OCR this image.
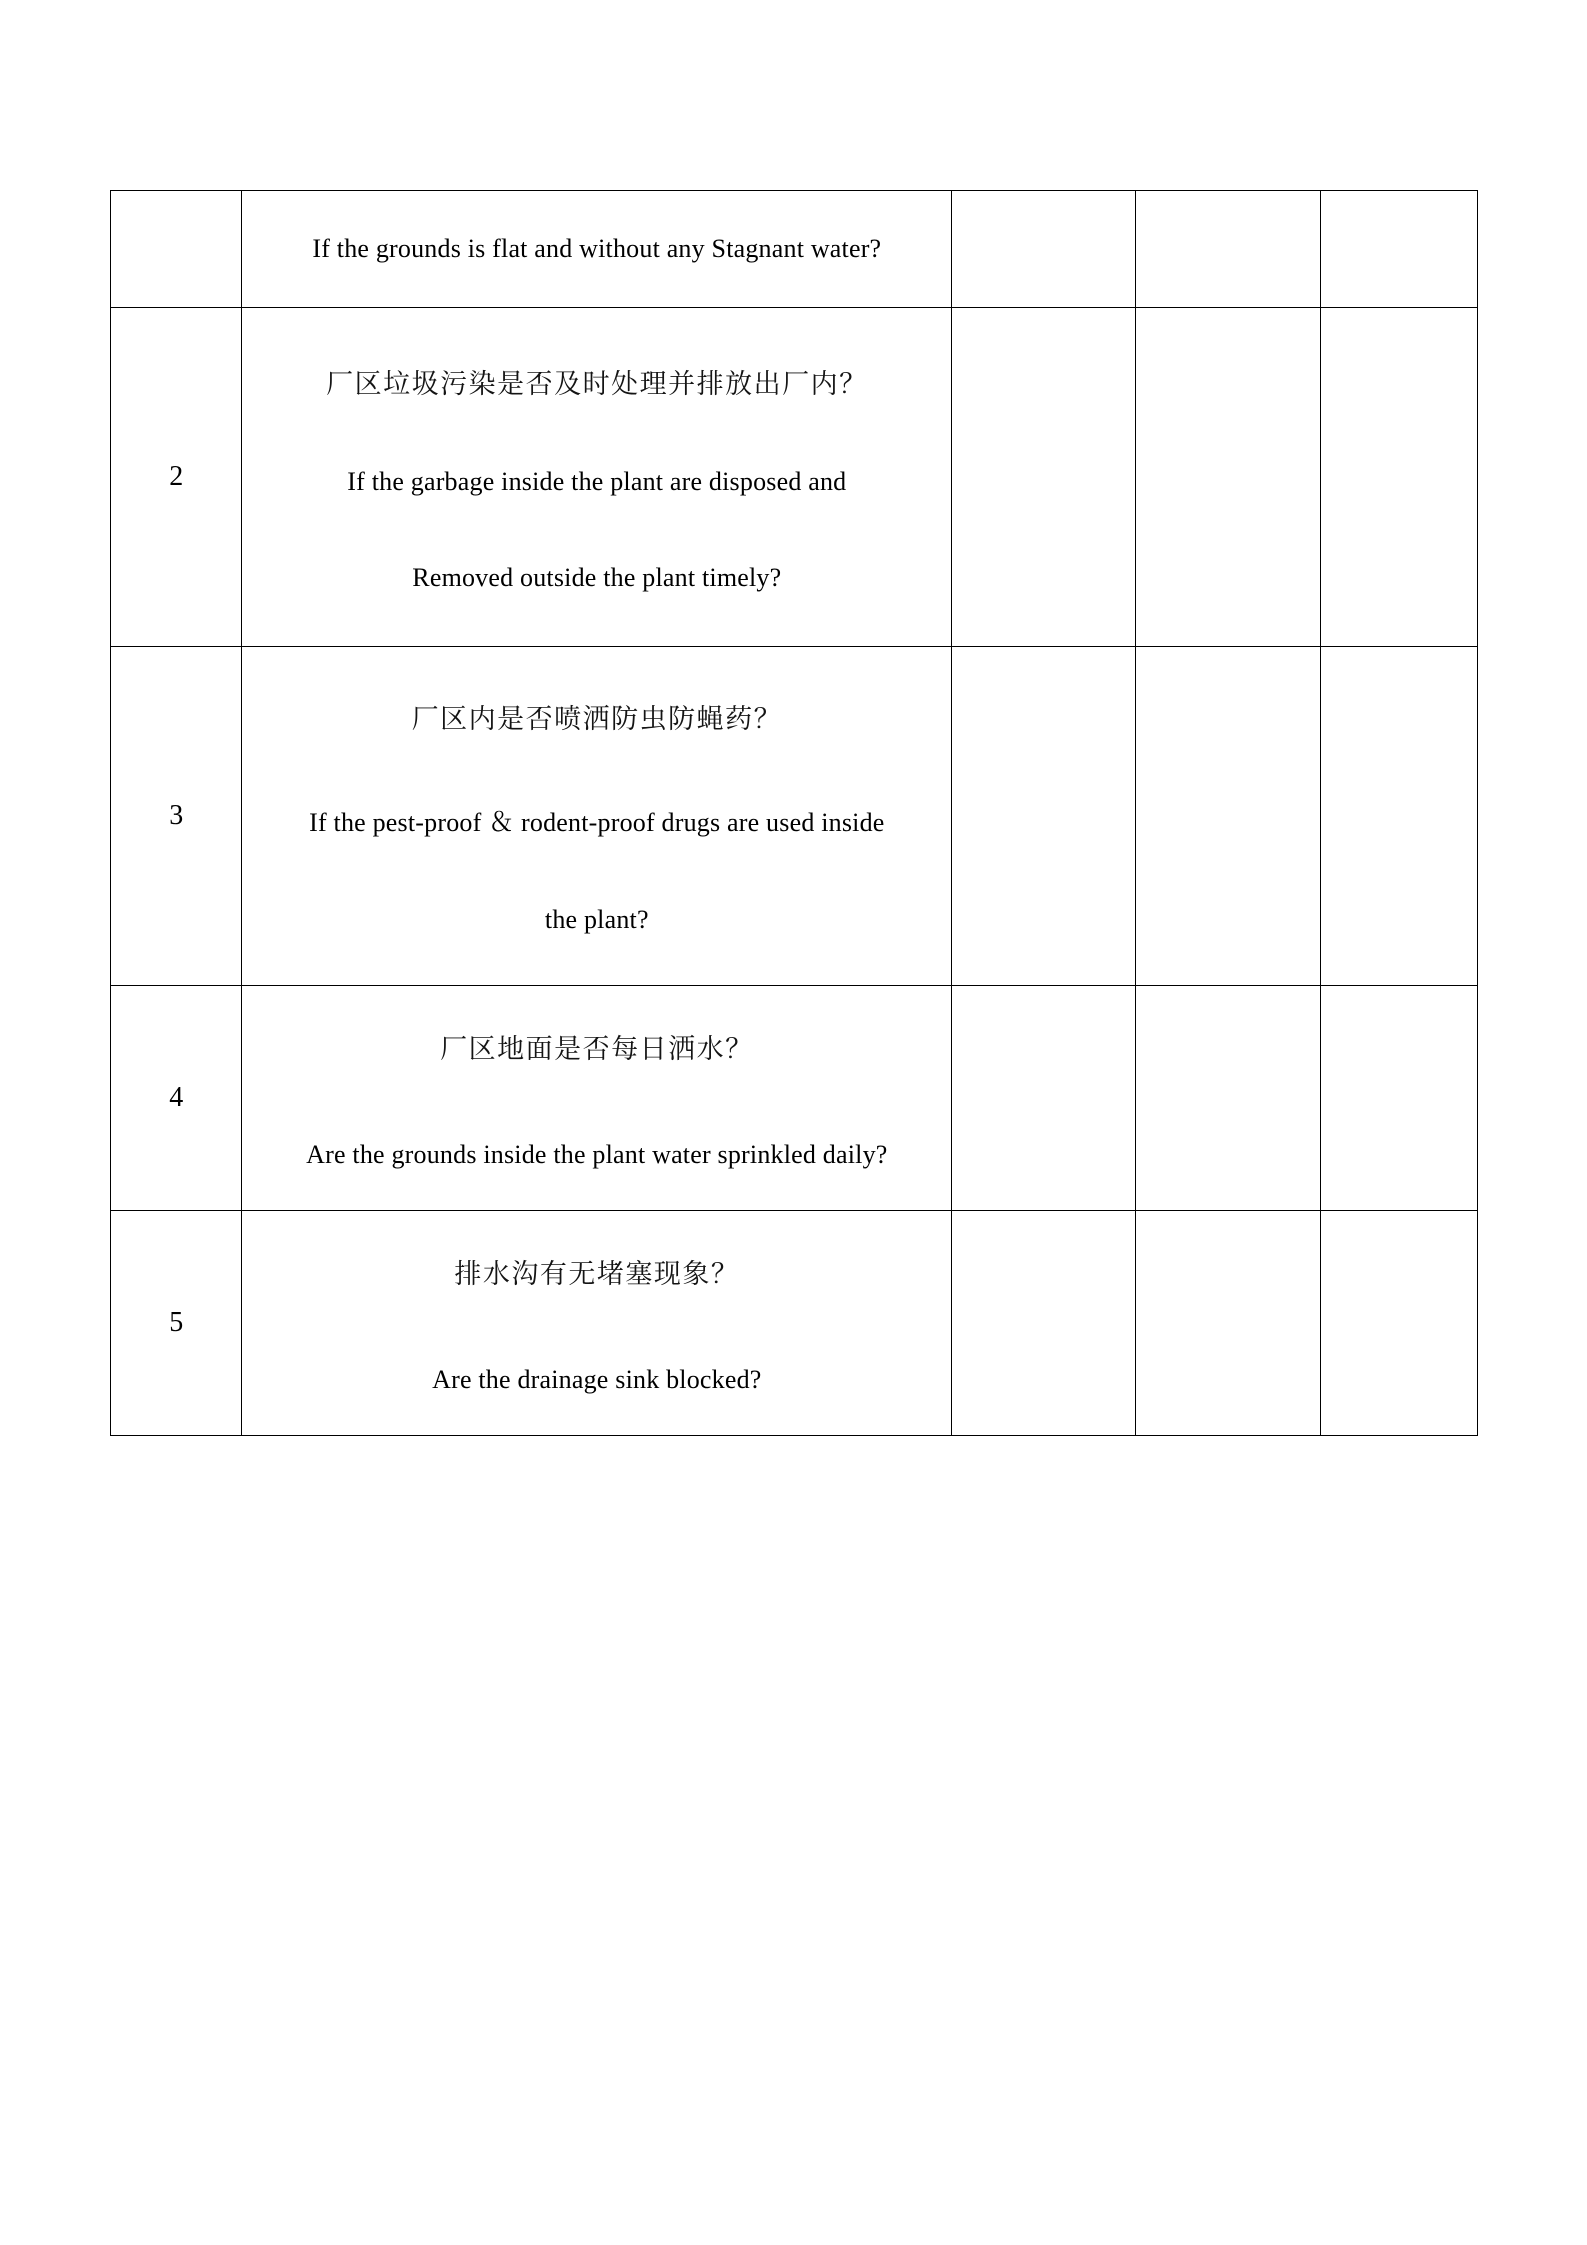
	If the grounds is flat and without any Stagnant water?			

2	厂区垃圾污染是否及时处理并排放出厂内？
If the garbage inside the plant are disposed and
Removed outside the plant timely?			

3	厂区内是否喷洒防虫防蝇药？
If the pest-proof ＆ rodent-proof drugs are used inside
the plant?			

4	厂区地面是否每日洒水？
Are the grounds inside the plant water sprinkled daily?			

5	排水沟有无堵塞现象？
Are the drainage sink blocked?			
